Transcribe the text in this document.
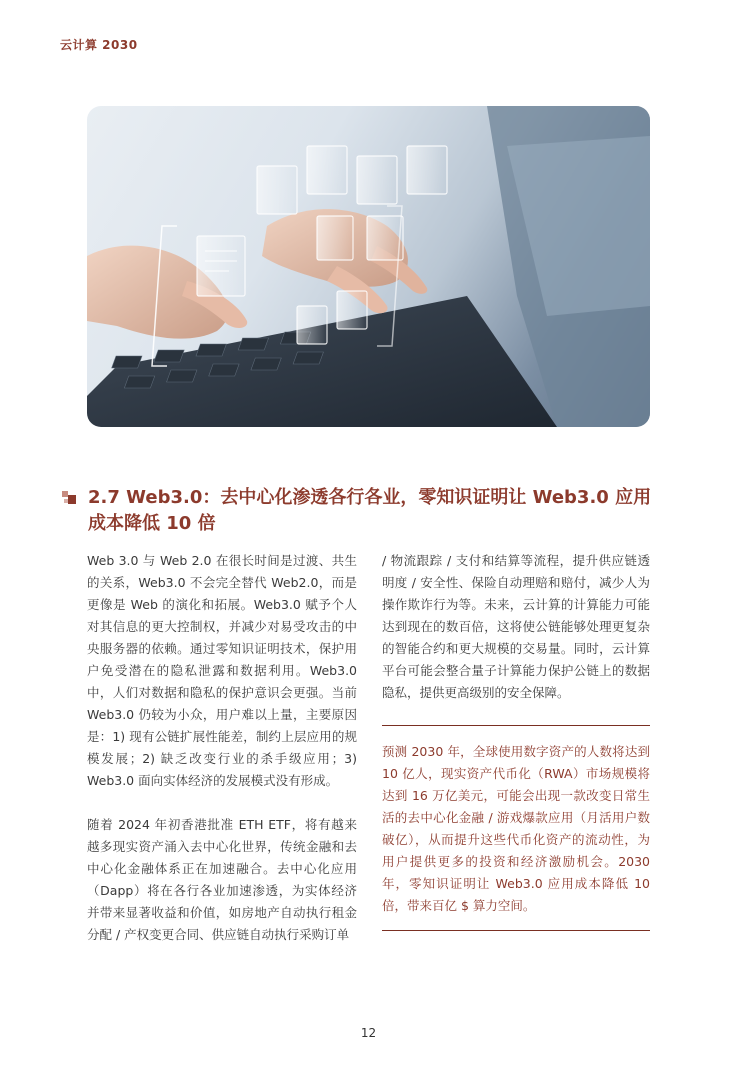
云计算 2030
2.7 Web3.0：去中心化渗透各行各业，零知识证明让 Web3.0 应用成本降低 10 倍

Web 3.0 与 Web 2.0 在很长时间是过渡、共生的关系，Web3.0 不会完全替代 Web2.0，而是更像是 Web 的演化和拓展。Web3.0 赋予个人对其信息的更大控制权，并减少对易受攻击的中央服务器的依赖。通过零知识证明技术，保护用户免受潜在的隐私泄露和数据利用。Web3.0 中，人们对数据和隐私的保护意识会更强。当前 Web3.0 仍较为小众，用户难以上量，主要原因是：1) 现有公链扩展性能差，制约上层应用的规模发展；2) 缺乏改变行业的杀手级应用；3) Web3.0 面向实体经济的发展模式没有形成。

随着 2024 年初香港批准 ETH ETF，将有越来越多现实资产涌入去中心化世界，传统金融和去中心化金融体系正在加速融合。去中心化应用（Dapp）将在各行各业加速渗透，为实体经济并带来显著收益和价值，如房地产自动执行租金分配 / 产权变更合同、供应链自动执行采购订单

/ 物流跟踪 / 支付和结算等流程，提升供应链透明度 / 安全性、保险自动理赔和赔付，减少人为操作欺诈行为等。未来，云计算的计算能力可能达到现在的数百倍，这将使公链能够处理更复杂的智能合约和更大规模的交易量。同时，云计算平台可能会整合量子计算能力保护公链上的数据隐私，提供更高级别的安全保障。

预测 2030 年，全球使用数字资产的人数将达到 10 亿人，现实资产代币化（RWA）市场规模将达到 16 万亿美元，可能会出现一款改变日常生活的去中心化金融 / 游戏爆款应用（月活用户数破亿），从而提升这些代币化资产的流动性，为用户提供更多的投资和经济激励机会。2030 年，零知识证明让 Web3.0 应用成本降低 10 倍，带来百亿 $ 算力空间。
12
